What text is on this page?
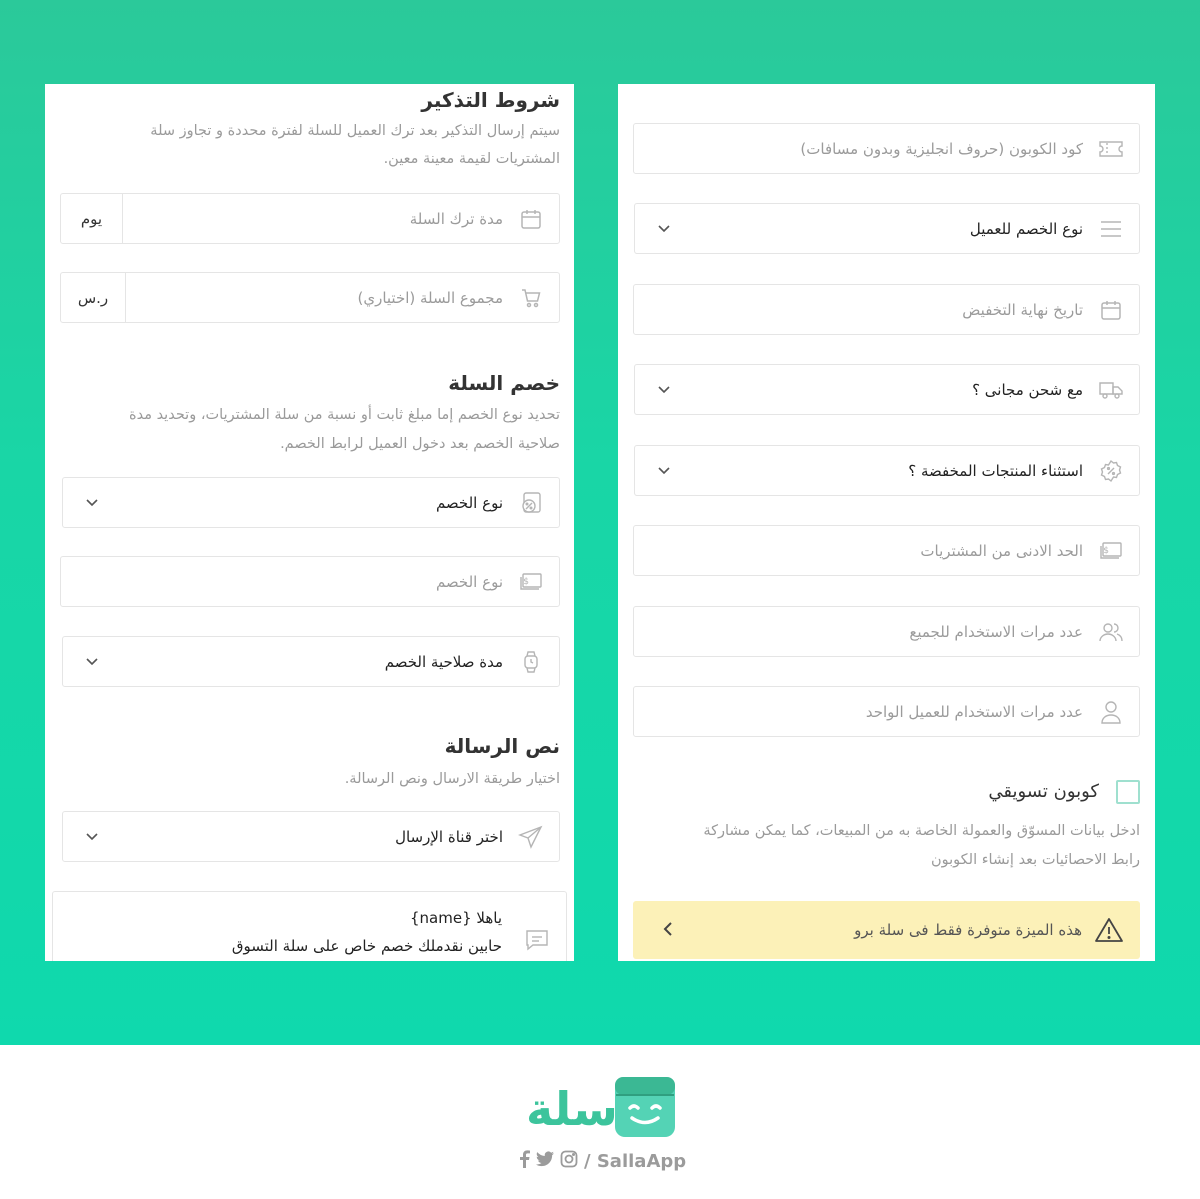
شروط التذكير
سيتم إرسال التذكير بعد ترك العميل للسلة لفترة محددة و تجاوز سلة
المشتريات لقيمة معينة معين.
مدة ترك السلة
يوم
مجموع السلة (اختياري)
ر.س
خصم السلة
تحديد نوع الخصم إما مبلغ ثابت أو نسبة من سلة المشتريات، وتحديد مدة
صلاحية الخصم بعد دخول العميل لرابط الخصم.
نوع الخصم
$
نوع الخصم
مدة صلاحية الخصم
نص الرسالة
اختيار طريقة الارسال ونص الرسالة.
اختر قناة الإرسال
ياهلا {name}
حابين نقدملك خصم خاص على سلة التسوق
كود الكوبون (حروف انجليزية وبدون مسافات)
نوع الخصم للعميل
تاريخ نهاية التخفيض
مع شحن مجانى ؟
استثناء المنتجات المخفضة ؟
$
الحد الادنى من المشتريات
عدد مرات الاستخدام للجميع
عدد مرات الاستخدام للعميل الواحد
كوبون تسويقي
ادخل بيانات المسوّق والعمولة الخاصة به من المبيعات، كما يمكن مشاركة
رابط الاحصائيات بعد إنشاء الكوبون
هذه الميزة متوفرة فقط فى سلة برو
سلة
/ SallaApp
